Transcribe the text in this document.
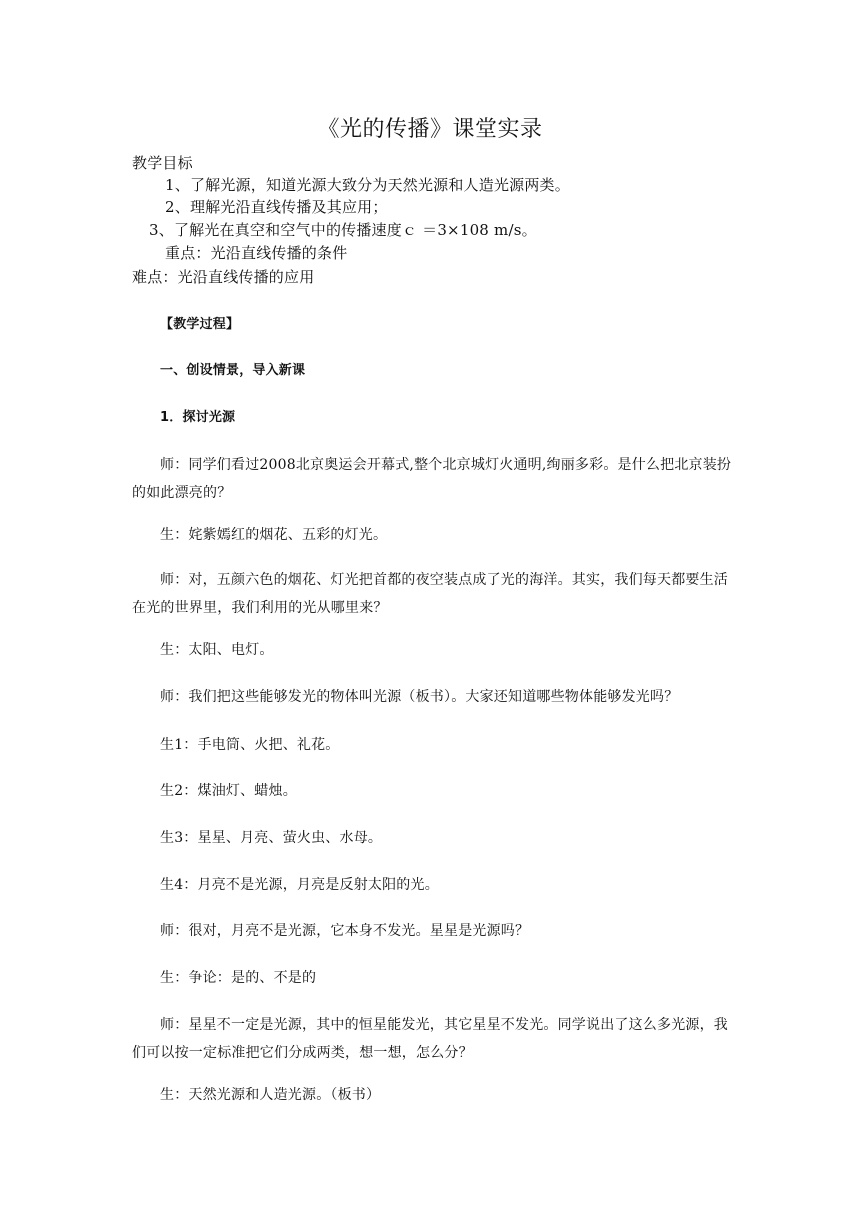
《光的传播》课堂实录
教学目标
1、了解光源，知道光源大致分为天然光源和人造光源两类。
2、理解光沿直线传播及其应用；
3、了解光在真空和空气中的传播速度ｃ ＝3×108 m/s。
重点：光沿直线传播的条件
难点：光沿直线传播的应用
【教学过程】
一、创设情景，导入新课
1．探讨光源
师：同学们看过2008北京奥运会开幕式,整个北京城灯火通明,绚丽多彩。是什么把北京装扮的如此漂亮的？
生：姹紫嫣红的烟花、五彩的灯光。
师：对，五颜六色的烟花、灯光把首都的夜空装点成了光的海洋。其实，我们每天都要生活在光的世界里，我们利用的光从哪里来？
生：太阳、电灯。
师：我们把这些能够发光的物体叫光源（板书）。大家还知道哪些物体能够发光吗？
生1：手电筒、火把、礼花。
生2：煤油灯、蜡烛。
生3：星星、月亮、萤火虫、水母。
生4：月亮不是光源，月亮是反射太阳的光。
师：很对，月亮不是光源，它本身不发光。星星是光源吗？
生：争论：是的、不是的
师：星星不一定是光源，其中的恒星能发光，其它星星不发光。同学说出了这么多光源，我们可以按一定标准把它们分成两类，想一想，怎么分？
生：天然光源和人造光源。（板书）
